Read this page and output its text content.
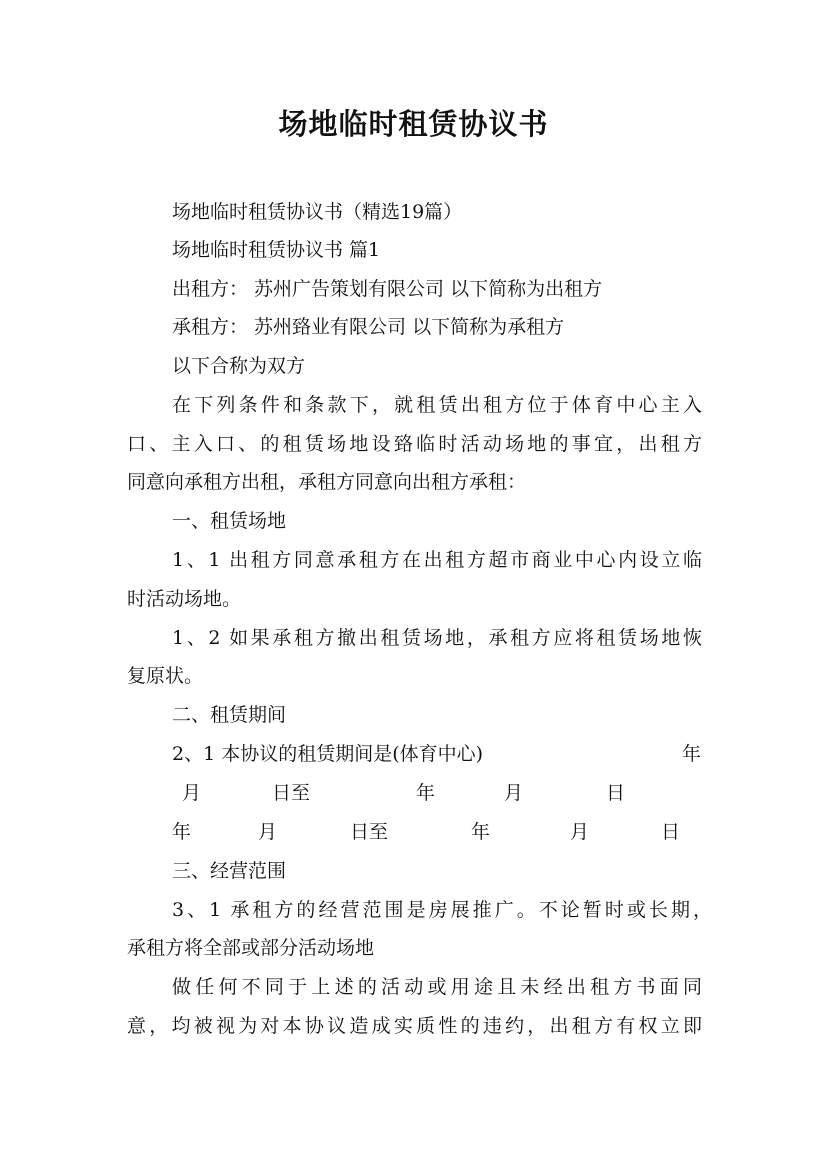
场地临时租赁协议书
场地临时租赁协议书（精选19篇）
场地临时租赁协议书 篇1
出租方： 苏州广告策划有限公司 以下简称为出租方
承租方： 苏州臵业有限公司 以下简称为承租方
以下合称为双方
在下列条件和条款下，就租赁出租方位于体育中心主入
口、主入口、的租赁场地设臵临时活动场地的事宜，出租方
同意向承租方出租，承租方同意向出租方承租：
一、租赁场地
1、1 出租方同意承租方在出租方超市商业中心内设立临
时活动场地。
1、2 如果承租方撤出租赁场地，承租方应将租赁场地恢
复原状。
二、租赁期间
2、1 本协议的租赁期间是(体育中心)	年
月	日至	年	月	日
年	月	日至	年	月	日
三、经营范围
3、1 承租方的经营范围是房展推广。不论暂时或长期，
承租方将全部或部分活动场地
做任何不同于上述的活动或用途且未经出租方书面同
意，均被视为对本协议造成实质性的违约，出租方有权立即
